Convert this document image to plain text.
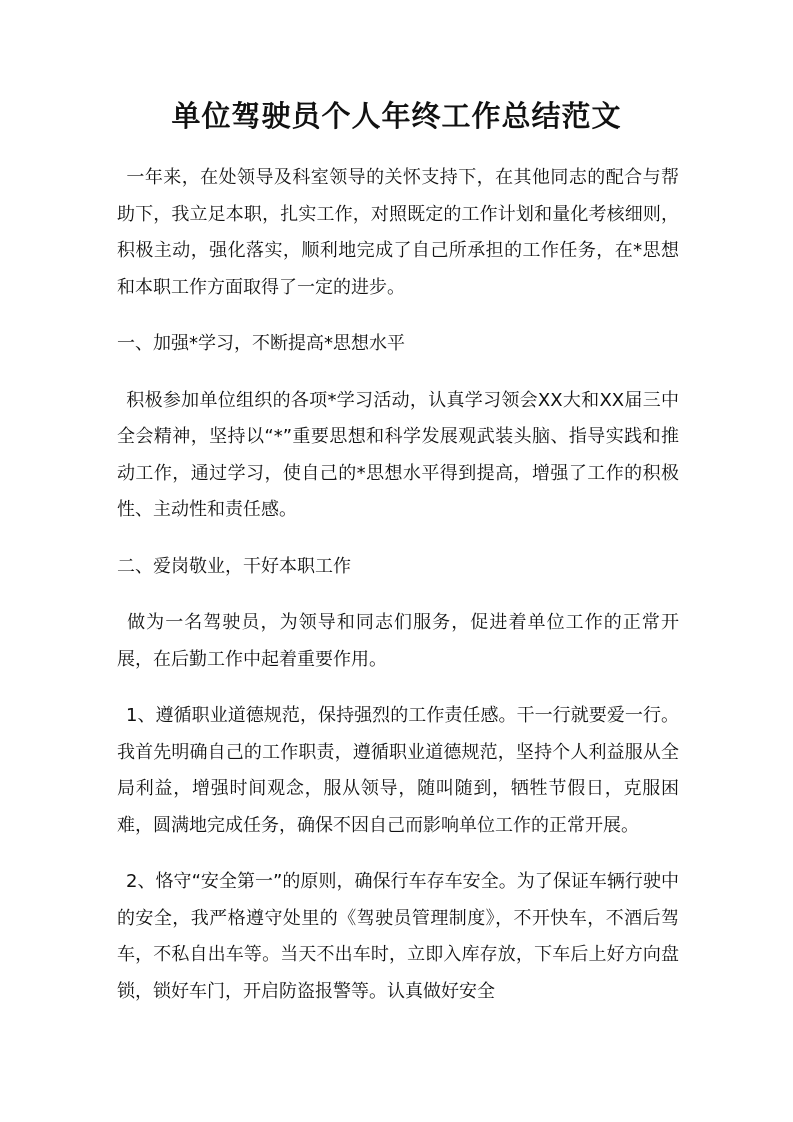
单位驾驶员个人年终工作总结范文

一年来，在处领导及科室领导的关怀支持下，在其他同志的配合与帮助下，我立足本职，扎实工作，对照既定的工作计划和量化考核细则，积极主动，强化落实，顺利地完成了自己所承担的工作任务，在*思想和本职工作方面取得了一定的进步。

一、加强*学习，不断提高*思想水平

积极参加单位组织的各项*学习活动，认真学习领会XX大和XX届三中全会精神，坚持以“*”重要思想和科学发展观武装头脑、指导实践和推动工作，通过学习，使自己的*思想水平得到提高，增强了工作的积极性、主动性和责任感。

二、爱岗敬业，干好本职工作

做为一名驾驶员，为领导和同志们服务，促进着单位工作的正常开展，在后勤工作中起着重要作用。

1、遵循职业道德规范，保持强烈的工作责任感。干一行就要爱一行。我首先明确自己的工作职责，遵循职业道德规范，坚持个人利益服从全局利益，增强时间观念，服从领导，随叫随到，牺牲节假日，克服困难，圆满地完成任务，确保不因自己而影响单位工作的正常开展。

2、恪守“安全第一”的原则，确保行车存车安全。为了保证车辆行驶中的安全，我严格遵守处里的《驾驶员管理制度》，不开快车，不酒后驾车，不私自出车等。当天不出车时，立即入库存放，下车后上好方向盘锁，锁好车门，开启防盗报警等。认真做好安全
